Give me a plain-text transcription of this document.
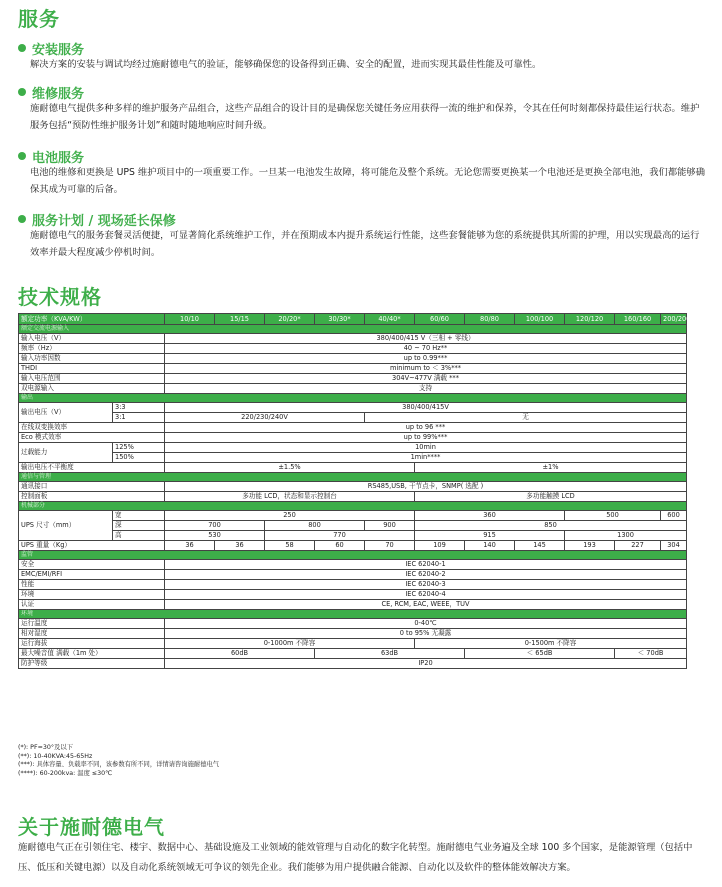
服务
安装服务
解决方案的安装与调试均经过施耐德电气的验证，能够确保您的设备得到正确、安全的配置，进而实现其最佳性能及可靠性。
维修服务
施耐德电气提供多种多样的维护服务产品组合，这些产品组合的设计目的是确保您关键任务应用获得一流的维护和保养，令其在任何时刻都保持最佳运行状态。维护服务包括“预防性维护服务计划”和随时随地响应时间升级。
电池服务
电池的维修和更换是 UPS 维护项目中的一项重要工作。一旦某一电池发生故障，将可能危及整个系统。无论您需要更换某一个电池还是更换全部电池，我们都能够确保其成为可靠的后备。
服务计划 / 现场延长保修
施耐德电气的服务套餐灵活便捷，可显著简化系统维护工作，并在预期成本内提升系统运行性能，这些套餐能够为您的系统提供其所需的护理，用以实现最高的运行效率并最大程度减少停机时间。
技术规格
额定功率（KVA/KW）		10/10	15/15	20/20*	30/30*	40/40*	60/60	80/80	100/100	120/120	160/160	200/200
额定交流电源输入												
输入电压（V）		380/400/415 V（三相 + 零线）										
频率（Hz）		40 ~ 70 Hz**										
输入功率因数		up to 0.99***										
THDI		minimum to ＜ 3%***										
输入电压范围		304V~477V 满载 ***										
双电源输入		支持										
输出												
输出电压（V）	3:3	380/400/415V										
	3:1	220/230/240V				无						
在线双变换效率		up to 96 ***										
Eco 模式效率		up to 99%***										
过载能力	125%	10min										
	150%	1min****										
输出电压不平衡度		±1.5%					±1%					
通信与管理												
通讯接口		RS485,USB, 干节点卡，SNMP( 选配 )										
控制面板		多功能 LCD，状态和显示控制台					多功能触摸 LCD					
机械部分												
UPS 尺寸（mm）	宽	250					360			500		600
	深	700		800		900	850					
	高	530		770			915			1300		
UPS 重量（Kg）		36	36	58	60	70	109	140	145	193	227	304
监管												
安全		IEC 62040-1										
EMC/EMI/RFI		IEC 62040-2										
性能		IEC 62040-3										
环境		IEC 62040-4										
认证		CE, RCM, EAC, WEEE，TUV										
环境												
运行温度		0-40℃										
相对湿度		0 to 95% 无凝露										
运行海拔		0-1000m 不降容					0-1500m 不降容					
最大噪音值 满载（1m 处）		60dB			63dB			＜ 65dB			＜ 70dB	
防护等级		IP20										
(*): PF=30°及以下
(**): 10-40KVA:45-65Hz
(***): 具体容量、负载率不同，该参数有所不同，详情请咨询施耐德电气
(****): 60-200kva: 温度 ≤30℃
关于施耐德电气
施耐德电气正在引领住宅、楼宇、数据中心、基础设施及工业领域的能效管理与自动化的数字化转型。施耐德电气业务遍及全球 100 多个国家，是能源管理（包括中压、低压和关键电源）以及自动化系统领域无可争议的领先企业。我们能够为用户提供融合能源、自动化以及软件的整体能效解决方案。
